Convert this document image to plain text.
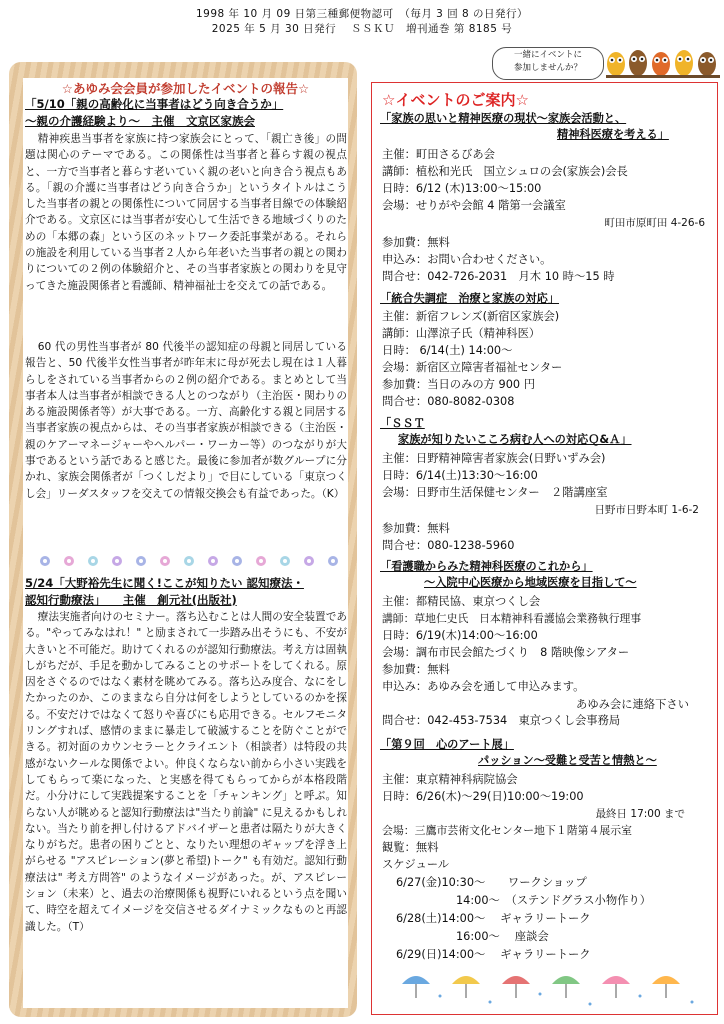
1998 年 10 月 09 日第三種郵便物認可　（毎月 3 回 8 の日発行）
2025 年 5 月 30 日発行　 ＳＳＫＵ　増刊通巻 第 8185 号
一緒にイベントに
参加しませんか？
☆あゆみ会会員が参加したイベントの報告☆
「5/10「親の高齢化に当事者はどう向き合うか」
～親の介護経験より～　主催　文京区家族会
精神疾患当事者を家族に持つ家族会にとって、「親亡き後」の問題は関心のテーマである。この関係性は当事者と暮らす親の視点と、一方で当事者と暮らす老いていく親の老いと向き合う視点もある。「親の介護に当事者はどう向き合うか」というタイトルはこうした当事者の親との関係性について同居する当事者目線での体験紹介である。文京区には当事者が安心して生活できる地域づくりのための「本郷の森」という区のネットワーク委託事業がある。それらの施設を利用している当事者２人から年老いた当事者の親との関わりについての２例の体験紹介と、その当事者家族との関わりを見守ってきた施設関係者と看護師、精神福祉士を交えての話である。
60 代の男性当事者が 80 代後半の認知症の母親と同居している報告と、50 代後半女性当事者が昨年末に母が死去し現在は１人暮らしをされている当事者からの２例の紹介である。まとめとして当事者本人は当事者が相談できる人とのつながり（主治医・関わりのある施設関係者等）が大事である。一方、高齢化する親と同居する当事者家族の視点からは、その当事者家族が相談できる（主治医・親のケアーマネージャーやヘルパー・ワーカー等）のつながりが大事であるという話であると感じた。最後に参加者が数グループに分かれ、家族会関係者が「つくしだより」で目にしている「東京つくし会」リーダスタッフを交えての情報交換会も有益であった。（K）
5/24「大野裕先生に聞く!ここが知りたい 認知療法・
認知行動療法」　　主催　創元社(出版社)
療法実施者向けのセミナー。落ち込むことは人間の安全装置である。"やってみなはれ！" と励まされて一歩踏み出そうにも、不安が大きいと不可能だ。助けてくれるのが認知行動療法。考え方は固執しがちだが、手足を動かしてみることのサポートをしてくれる。原因をさぐるのではなく素材を眺めてみる。落ち込み度合、なにをしたかったのか、このままなら自分は何をしようとしているのかを探る。不安だけではなくて怒りや喜びにも応用できる。セルフモニタリングすれば、感情のままに暴走して破滅することを防ぐことができる。初対面のカウンセラーとクライエント（相談者）は特段の共感がないクールな関係でよい。仲良くならない前から小さい実践をしてもらって楽になった、と実感を得てもらってからが本格段階だ。小分けにして実践提案することを「チャンキング」と呼ぶ。知らない人が眺めると認知行動療法は"当たり前論" に見えるかもしれない。当たり前を押し付けるアドバイザーと患者は隔たりが大きくなりがちだ。患者の困りごとと、なりたい理想のギャップを浮き上がらせる "アスピレーション(夢と希望)トーク" も有効だ。認知行動療法は" 考え方問答" のようなイメージがあった。が、アスピレーション（未来）と、過去の治療関係も視野にいれるという点を聞いて、時空を超えてイメージを交信させるダイナミックなものと再認識した。（T）
☆イベントのご案内☆
「家族の思いと精神医療の現状～家族会活動と、
精神科医療を考える」
主催：町田さるびあ会
講師：植松和光氏　国立シュロの会(家族会)会長
日時：6/12 (木)13:00～15:00
会場：せりがや会館 4 階第一会議室
町田市原町田 4-26-6
参加費：無料
申込み：お問い合わせください。
問合せ：042-726-2031　月木 10 時～15 時
「統合失調症　治療と家族の対応」
主催：新宿フレンズ(新宿区家族会)
講師：山澤涼子氏（精神科医）
日時： 6/14(土) 14:00～
会場：新宿区立障害者福祉センター
参加費：当日のみの方 900 円
問合せ：080-8082-0308
「ＳＳＴ
家族が知りたいこころ病む人への対応Ｑ&Ａ」
主催：日野精神障害者家族会(日野いずみ会)
日時：6/14(土)13:30～16:00
会場：日野市生活保健センター　２階講座室
日野市日野本町 1-6-2
参加費：無料
問合せ：080-1238-5960
「看護職からみた精神科医療のこれから」
～入院中心医療から地域医療を目指して～
主催：都精民協、東京つくし会
講師：草地仁史氏　日本精神科看護協会業務執行理事
日時：6/19(木)14:00～16:00
会場：調布市民会館たづくり　8 階映像シアター
参加費：無料
申込み：あゆみ会を通して申込みます。
あゆみ会に連絡下さい
問合せ：042-453-7534　東京つくし会事務局
「第９回　心のアート展」
パッション～受難と受苦と情熱と～
主催：東京精神科病院協会
日時：6/26(木)～29(日)10:00～19:00
最終日 17:00 まで
会場：三鷹市芸術文化センター地下１階第４展示室
観覧：無料
スケジュール
6/27(金)10:30～　　ワークショップ
14:00～　（ステンドグラス小物作り）
6/28(土)14:00～　 ギャラリートーク
16:00～　 座談会
6/29(日)14:00～　 ギャラリートーク
